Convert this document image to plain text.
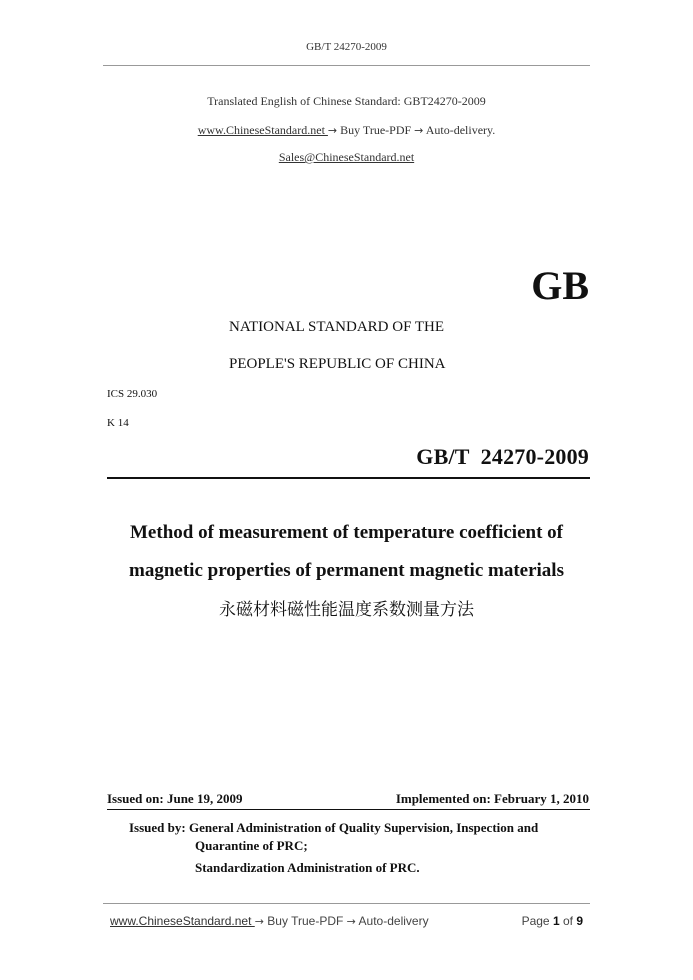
GB/T 24270-2009
Translated English of Chinese Standard: GBT24270-2009
www.ChineseStandard.net → Buy True-PDF → Auto-delivery.
Sales@ChineseStandard.net
GB
NATIONAL STANDARD OF THE
PEOPLE'S REPUBLIC OF CHINA
ICS 29.030
K 14
GB/T  24270-2009
Method of measurement of temperature coefficient of
magnetic properties of permanent magnetic materials
永磁材料磁性能温度系数测量方法
Issued on: June 19, 2009	Implemented on: February 1, 2010
Issued by: General Administration of Quality Supervision, Inspection and
Quarantine of PRC;
Standardization Administration of PRC.
www.ChineseStandard.net → Buy True-PDF → Auto-delivery	Page 1 of 9
